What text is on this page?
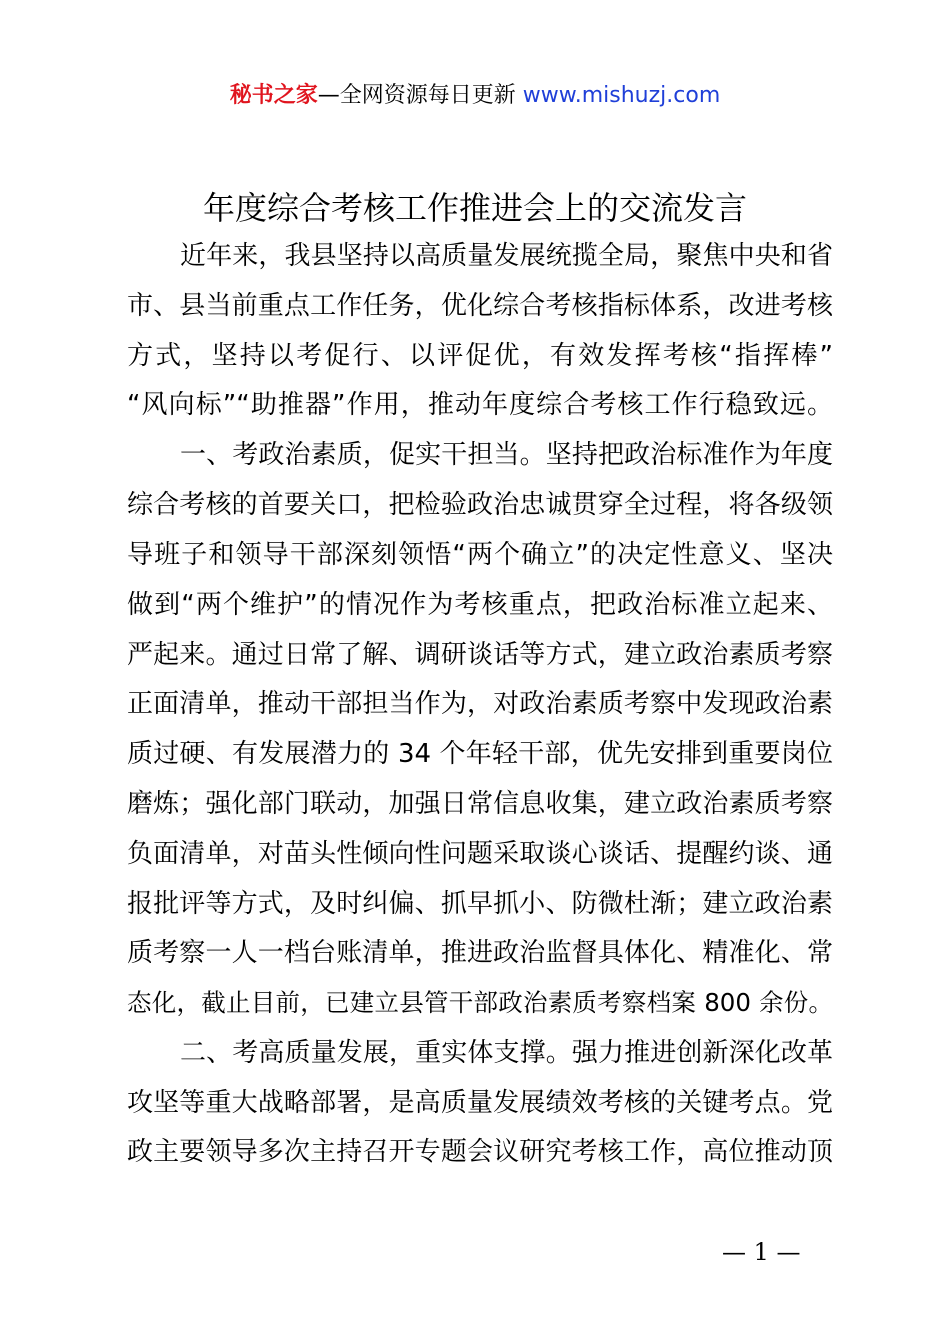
秘书之家—全网资源每日更新 www.mishuzj.com
年度综合考核工作推进会上的交流发言
近年来，我县坚持以高质量发展统揽全局，聚焦中央和省
市、县当前重点工作任务，优化综合考核指标体系，改进考核
方式，坚持以考促行、以评促优，有效发挥考核“指挥棒”
“风向标”“助推器”作用，推动年度综合考核工作行稳致远。
一、考政治素质，促实干担当。坚持把政治标准作为年度
综合考核的首要关口，把检验政治忠诚贯穿全过程，将各级领
导班子和领导干部深刻领悟“两个确立”的决定性意义、坚决
做到“两个维护”的情况作为考核重点，把政治标准立起来、
严起来。通过日常了解、调研谈话等方式，建立政治素质考察
正面清单，推动干部担当作为，对政治素质考察中发现政治素
质过硬、有发展潜力的 34 个年轻干部，优先安排到重要岗位
磨炼；强化部门联动，加强日常信息收集，建立政治素质考察
负面清单，对苗头性倾向性问题采取谈心谈话、提醒约谈、通
报批评等方式，及时纠偏、抓早抓小、防微杜渐；建立政治素
质考察一人一档台账清单，推进政治监督具体化、精准化、常
态化，截止目前，已建立县管干部政治素质考察档案 800 余份。
二、考高质量发展，重实体支撑。强力推进创新深化改革
攻坚等重大战略部署，是高质量发展绩效考核的关键考点。党
政主要领导多次主持召开专题会议研究考核工作，高位推动顶
— 1 —
